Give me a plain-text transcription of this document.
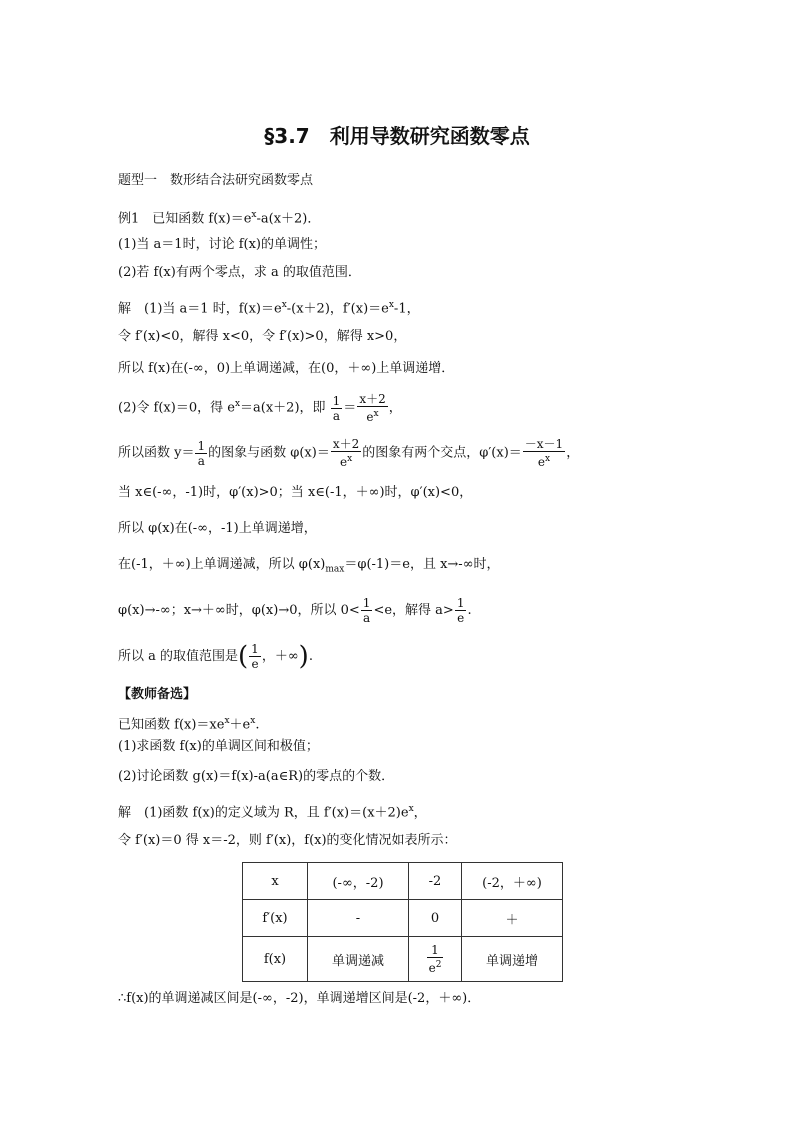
§3.7　利用导数研究函数零点
题型一　数形结合法研究函数零点
例1　已知函数 $f(x)=e^x-a(x+2)$．
(1)当 a＝1时，讨论 f(x)的单调性；
(2)若 f(x)有两个零点，求 a 的取值范围．
解　(1)当 a＝1 时，$f(x)=e^x-(x+2)$，$f'(x)=e^x-1$，
令 f′(x)<0，解得 x<0，令 f′(x)>0，解得 x>0，
所以 f(x)在(-∞，0)上单调递减，在(0，＋∞)上单调递增．
(2)令 f(x)＝0，得 $e^x=a(x+2)$，即 $\frac{1}{a} = \frac{x+2}{e^x}$ ，
所以函数 $y= \frac{1}{a}$ 的图象与函数 $\varphi(x)= \frac{x+2}{e^x}$ 的图象有两个交点，$\varphi'(x)= \frac{-x-1}{e^x}$ ，
当 x∈(-∞，-1)时，φ′(x)>0；当 x∈(-1，＋∞)时，φ′(x)<0，
所以 φ(x)在(-∞，-1)上单调递增，
在(-1，＋∞)上单调递减，所以 $\varphi(x)_{max}=\varphi(-1)=e$，且 x→-∞时，
φ(x)→-∞；x→＋∞时，φ(x)→0，所以 $0< \frac{1}{a} <e$，解得 $a> \frac{1}{e}$ .
所以 a 的取值范围是( $\frac{1}{e}$ ，＋∞).
【教师备选】
已知函数 $f(x)=xe^x+e^x$.
(1)求函数 f(x)的单调区间和极值；
(2)讨论函数 g(x)＝f(x)-a(a∈R)的零点的个数．
解　(1)函数 f(x)的定义域为 R，且 $f'(x)=(x+2)e^x$，
令 f′(x)＝0 得 x＝-2，则 f′(x)，f(x)的变化情况如表所示：
x	(-∞，-2)	-2	(-2，＋∞)
f′(x)	-	0	＋
f(x)	单调递减	$\frac{1}{e^2}$	单调递增
∴f(x)的单调递减区间是(-∞，-2)，单调递增区间是(-2，＋∞)．
